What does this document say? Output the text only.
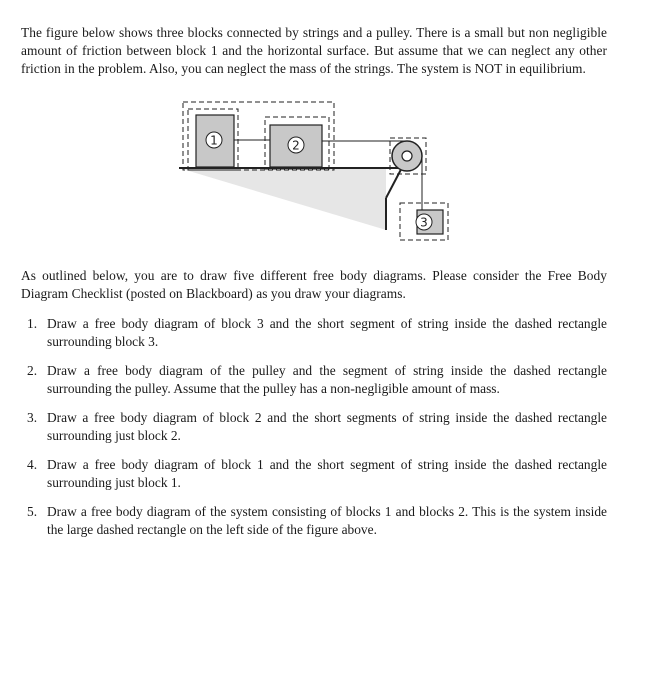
The figure below shows three blocks connected by strings and a pulley. There is a small but non negligible amount of friction between block 1 and the horizontal surface. But assume that we can neglect any other friction in the problem. Also, you can neglect the mass of the strings. The system is NOT in equilibrium.

1	2
3

As outlined below, you are to draw five different free body diagrams. Please consider the Free Body Diagram Checklist (posted on Blackboard) as you draw your diagrams.

1. Draw a free body diagram of block 3 and the short segment of string inside the dashed rectangle surrounding block 3.
2. Draw a free body diagram of the pulley and the segment of string inside the dashed rectangle surrounding the pulley. Assume that the pulley has a non-negligible amount of mass.
3. Draw a free body diagram of block 2 and the short segments of string inside the dashed rectangle surrounding just block 2.
4. Draw a free body diagram of block 1 and the short segment of string inside the dashed rectangle surrounding just block 1.
5. Draw a free body diagram of the system consisting of blocks 1 and blocks 2. This is the system inside the large dashed rectangle on the left side of the figure above.
